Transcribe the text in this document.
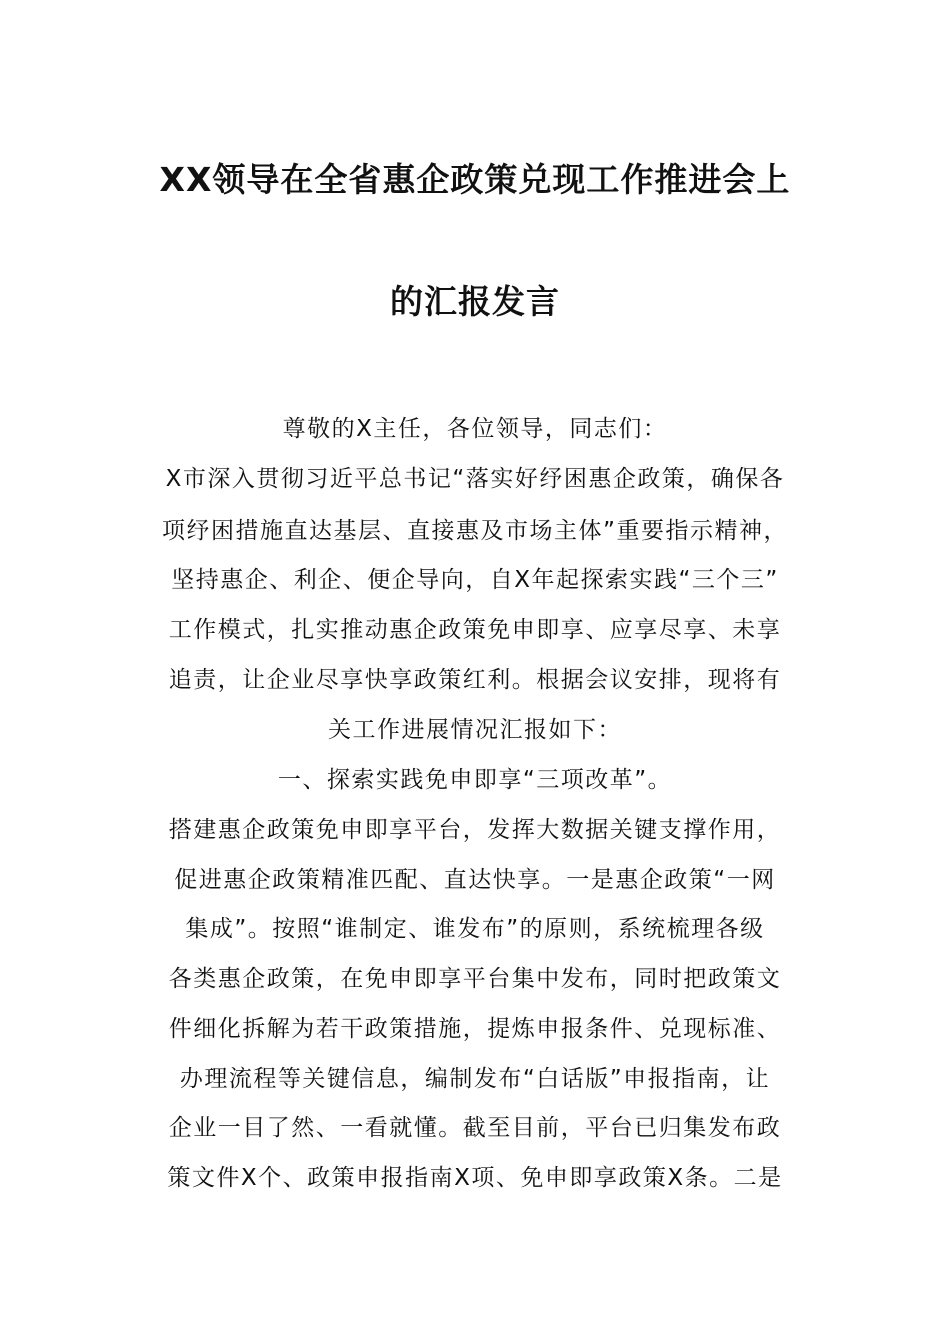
XX领导在全省惠企政策兑现工作推进会上
的汇报发言
尊敬的X主任，各位领导，同志们：
X市深入贯彻习近平总书记“落实好纾困惠企政策，确保各
项纾困措施直达基层、直接惠及市场主体”重要指示精神，
坚持惠企、利企、便企导向，自X年起探索实践“三个三”
工作模式，扎实推动惠企政策免申即享、应享尽享、未享
追责，让企业尽享快享政策红利。根据会议安排，现将有
关工作进展情况汇报如下：
一、探索实践免申即享“三项改革”。
搭建惠企政策免申即享平台，发挥大数据关键支撑作用，
促进惠企政策精准匹配、直达快享。一是惠企政策“一网
集成”。按照“谁制定、谁发布”的原则，系统梳理各级
各类惠企政策，在免申即享平台集中发布，同时把政策文
件细化拆解为若干政策措施，提炼申报条件、兑现标准、
办理流程等关键信息，编制发布“白话版”申报指南，让
企业一目了然、一看就懂。截至目前，平台已归集发布政
策文件X个、政策申报指南X项、免申即享政策X条。二是
